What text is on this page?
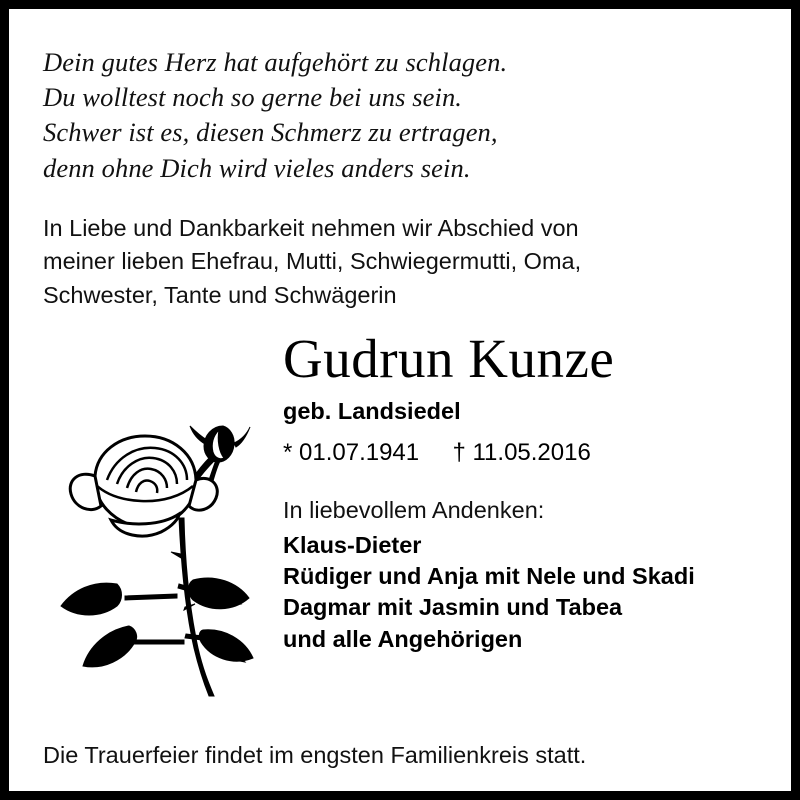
Dein gutes Herz hat aufgehört zu schlagen.
Du wolltest noch so gerne bei uns sein.
Schwer ist es, diesen Schmerz zu ertragen,
denn ohne Dich wird vieles anders sein.
In Liebe und Dankbarkeit nehmen wir Abschied von
meiner lieben Ehefrau, Mutti, Schwiegermutti, Oma,
Schwester, Tante und Schwägerin
Gudrun Kunze
geb. Landsiedel
* 01.07.1941     † 11.05.2016
In liebevollem Andenken:
Klaus-Dieter
Rüdiger und Anja mit Nele und Skadi
Dagmar mit Jasmin und Tabea
und alle Angehörigen
Die Trauerfeier findet im engsten Familienkreis statt.
